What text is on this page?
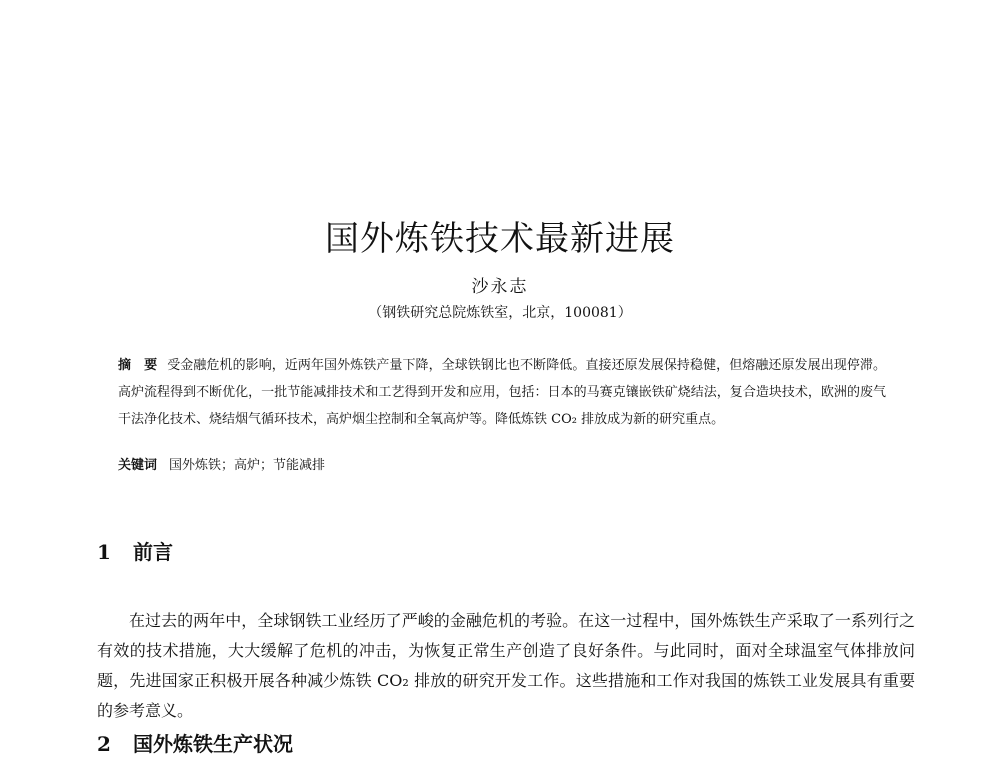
国外炼铁技术最新进展
沙永志
（钢铁研究总院炼铁室，北京，100081）
摘　要 受金融危机的影响，近两年国外炼铁产量下降，全球铁钢比也不断降低。直接还原发展保持稳健，但熔融还原发展出现停滞。高炉流程得到不断优化，一批节能减排技术和工艺得到开发和应用，包括：日本的马赛克镶嵌铁矿烧结法，复合造块技术，欧洲的废气干法净化技术、烧结烟气循环技术，高炉烟尘控制和全氧高炉等。降低炼铁 CO₂ 排放成为新的研究重点。
关键词 国外炼铁；高炉；节能减排
1 前言

在过去的两年中，全球钢铁工业经历了严峻的金融危机的考验。在这一过程中，国外炼铁生产采取了一系列行之有效的技术措施，大大缓解了危机的冲击，为恢复正常生产创造了良好条件。与此同时，面对全球温室气体排放问题，先进国家正积极开展各种减少炼铁 CO₂ 排放的研究开发工作。这些措施和工作对我国的炼铁工业发展具有重要的参考意义。

2 国外炼铁生产状况
